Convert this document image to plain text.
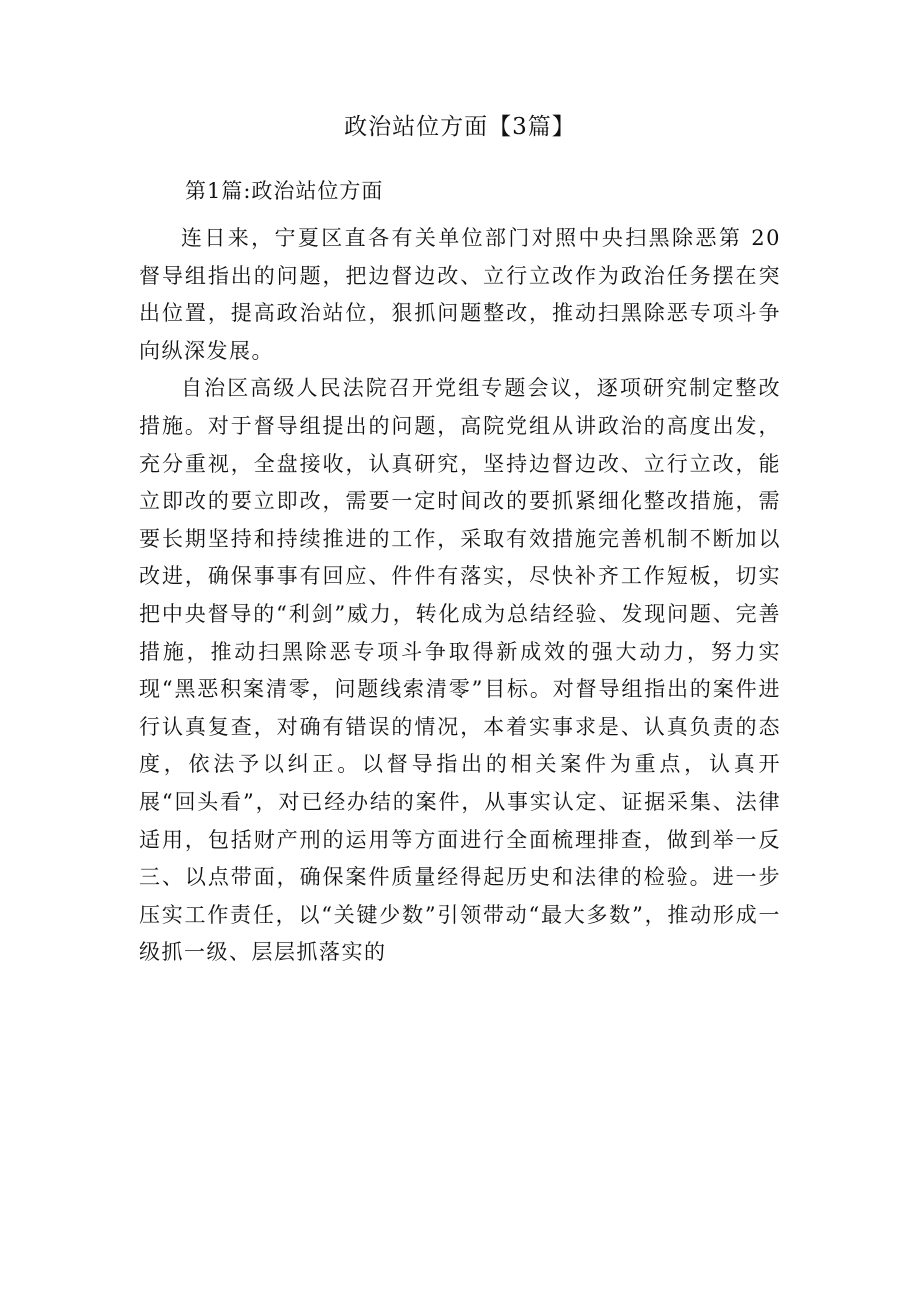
政治站位方面【3篇】
第1篇:政治站位方面

连日来，宁夏区直各有关单位部门对照中央扫黑除恶第 20 督导组指出的问题，把边督边改、立行立改作为政治任务摆在突出位置，提高政治站位，狠抓问题整改，推动扫黑除恶专项斗争向纵深发展。

自治区高级人民法院召开党组专题会议，逐项研究制定整改措施。对于督导组提出的问题，高院党组从讲政治的高度出发，充分重视，全盘接收，认真研究，坚持边督边改、立行立改，能立即改的要立即改，需要一定时间改的要抓紧细化整改措施，需要长期坚持和持续推进的工作，采取有效措施完善机制不断加以改进，确保事事有回应、件件有落实，尽快补齐工作短板，切实把中央督导的“利剑”威力，转化成为总结经验、发现问题、完善措施，推动扫黑除恶专项斗争取得新成效的强大动力，努力实现“黑恶积案清零，问题线索清零”目标。对督导组指出的案件进行认真复查，对确有错误的情况，本着实事求是、认真负责的态度，依法予以纠正。以督导指出的相关案件为重点，认真开展“回头看”，对已经办结的案件，从事实认定、证据采集、法律适用，包括财产刑的运用等方面进行全面梳理排查，做到举一反三、以点带面，确保案件质量经得起历史和法律的检验。进一步压实工作责任，以“关键少数”引领带动“最大多数”，推动形成一级抓一级、层层抓落实的
